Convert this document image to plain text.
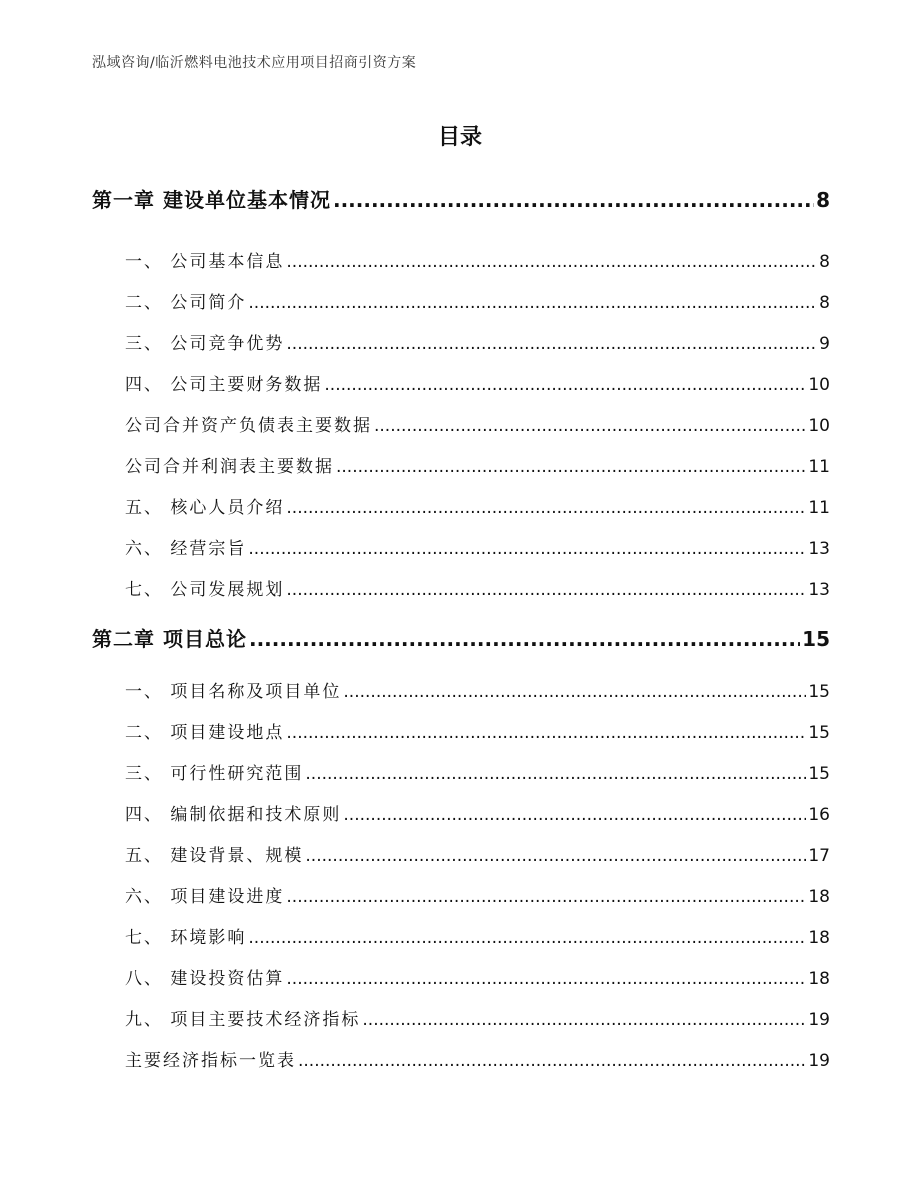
泓域咨询/临沂燃料电池技术应用项目招商引资方案
目录
第一章 建设单位基本情况 .....	8
一、 公司基本信息 .....	8
二、 公司简介 .....	8
三、 公司竞争优势 .....	9
四、 公司主要财务数据 .....	10
公司合并资产负债表主要数据 .....	10
公司合并利润表主要数据 .....	11
五、 核心人员介绍 .....	11
六、 经营宗旨 .....	13
七、 公司发展规划 .....	13
第二章 项目总论 .....	15
一、 项目名称及项目单位 .....	15
二、 项目建设地点 .....	15
三、 可行性研究范围 .....	15
四、 编制依据和技术原则 .....	16
五、 建设背景、规模 .....	17
六、 项目建设进度 .....	18
七、 环境影响 .....	18
八、 建设投资估算 .....	18
九、 项目主要技术经济指标 .....	19
主要经济指标一览表 .....	19
